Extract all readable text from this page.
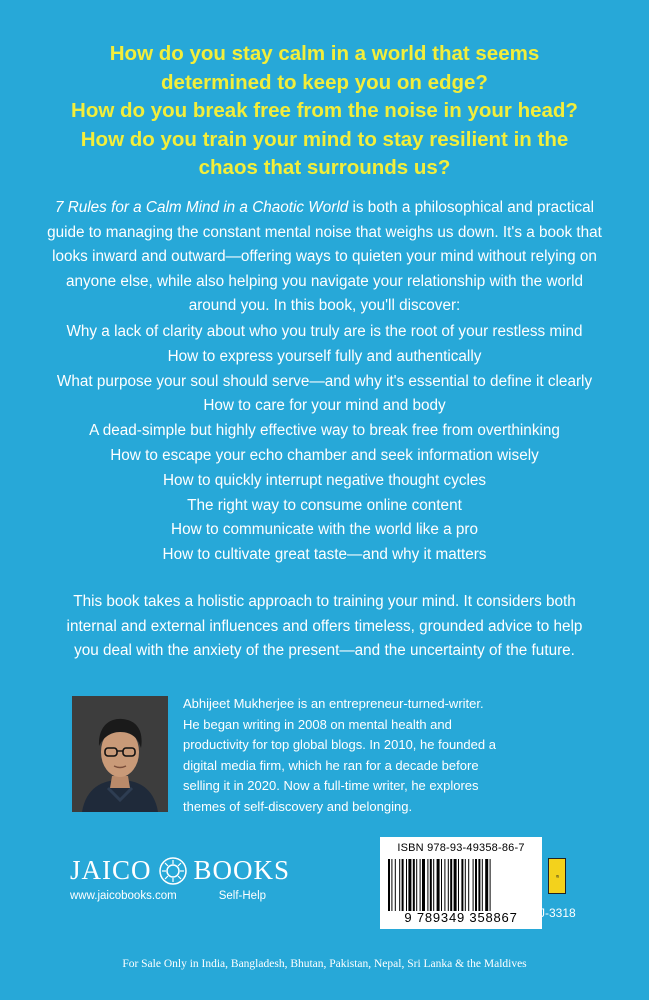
How do you stay calm in a world that seems
determined to keep you on edge?
How do you break free from the noise in your head?
How do you train your mind to stay resilient in the
chaos that surrounds us?
7 Rules for a Calm Mind in a Chaotic World is both a philosophical and practical
guide to managing the constant mental noise that weighs us down. It's a book that
looks inward and outward—offering ways to quieten your mind without relying on
anyone else, while also helping you navigate your relationship with the world
around you. In this book, you'll discover:
Why a lack of clarity about who you truly are is the root of your restless mind
How to express yourself fully and authentically
What purpose your soul should serve—and why it's essential to define it clearly
How to care for your mind and body
A dead-simple but highly effective way to break free from overthinking
How to escape your echo chamber and seek information wisely
How to quickly interrupt negative thought cycles
The right way to consume online content
How to communicate with the world like a pro
How to cultivate great taste—and why it matters
This book takes a holistic approach to training your mind. It considers both
internal and external influences and offers timeless, grounded advice to help
you deal with the anxiety of the present—and the uncertainty of the future.
Abhijeet Mukherjee is an entrepreneur-turned-writer.
He began writing in 2008 on mental health and
productivity for top global blogs. In 2010, he founded a
digital media firm, which he ran for a decade before
selling it in 2020. Now a full-time writer, he explores
themes of self-discovery and belonging.
JAICO BOOKS
www.jaicobooks.com	Self-Help
ISBN 978-93-49358-86-7
9 789349 358867
e
J-3318
For Sale Only in India, Bangladesh, Bhutan, Pakistan, Nepal, Sri Lanka & the Maldives
